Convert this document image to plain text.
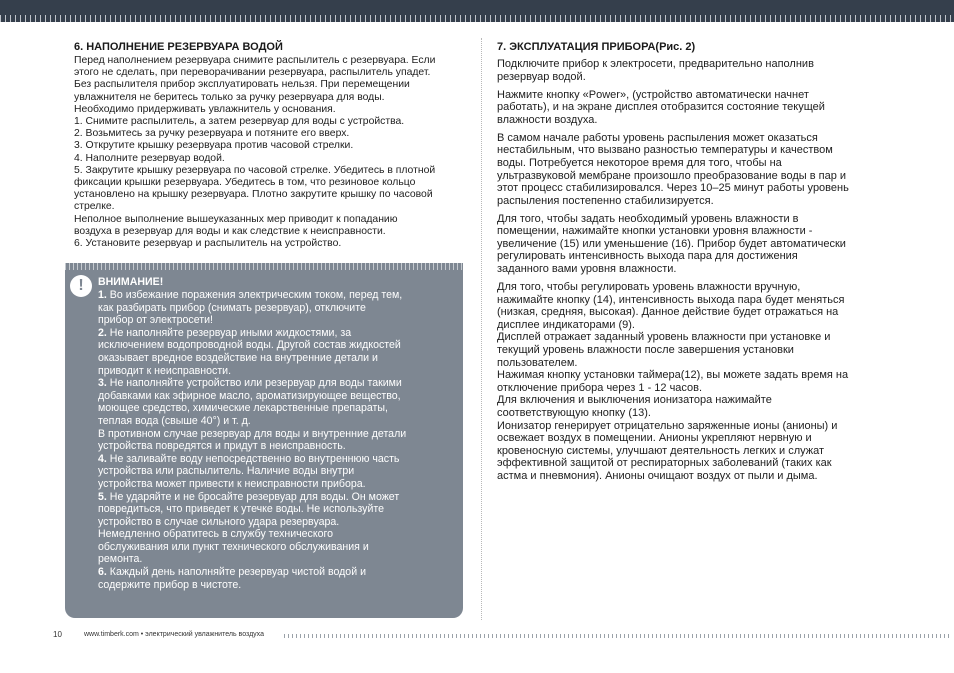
6. НАПОЛНЕНИЕ РЕЗЕРВУАРА ВОДОЙ
Перед наполнением резервуара снимите распылитель с резервуара. Если
этого не сделать, при переворачивании резервуара, распылитель упадет.
Без распылителя прибор эксплуатировать нельзя. При перемещении
увлажнителя не беритесь только за ручку резервуара для воды.
Необходимо придерживать увлажнитель у основания.
1. Снимите распылитель, а затем резервуар для воды с устройства.
2. Возьмитесь за ручку резервуара и потяните его вверх.
3. Открутите крышку резервуара против часовой стрелки.
4. Наполните резервуар водой.
5. Закрутите крышку резервуара по часовой стрелке. Убедитесь в плотной
фиксации крышки резервуара. Убедитесь в том, что резиновое кольцо
установлено на крышку резервуара. Плотно закрутите крышку по часовой
стрелке.
Неполное выполнение вышеуказанных мер приводит к попаданию
воздуха в резервуар для воды и как следствие к неисправности.
6. Установите резервуар и распылитель на устройство.
!	ВНИМАНИЕ!
1. Во избежание поражения электрическим током, перед тем,
как разбирать прибор (снимать резервуар), отключите
прибор от электросети!
2. Не наполняйте резервуар иными жидкостями, за
исключением водопроводной воды. Другой состав жидкостей
оказывает вредное воздействие на внутренние детали и
приводит к неисправности.
3. Не наполняйте устройство или резервуар для воды такими
добавками как эфирное масло, ароматизирующее вещество,
моющее средство, химические лекарственные препараты,
теплая вода (свыше 40°) и т. д.
В противном случае резервуар для воды и внутренние детали
устройства повредятся и придут в неисправность.
4. Не заливайте воду непосредственно во внутреннюю часть
устройства или распылитель. Наличие воды внутри
устройства может привести к неисправности прибора.
5. Не ударяйте и не бросайте резервуар для воды. Он может
повредиться, что приведет к утечке воды. Не используйте
устройство в случае сильного удара резервуара.
Немедленно обратитесь в службу технического
обслуживания или пункт технического обслуживания и
ремонта.
6. Каждый день наполняйте резервуар чистой водой и
содержите прибор в чистоте.
7. ЭКСПЛУАТАЦИЯ ПРИБОРА(Рис. 2)
Подключите прибор к электросети, предварительно наполнив
резервуар водой.
Нажмите кнопку «Power», (устройство автоматически начнет
работать), и на экране дисплея отобразится состояние текущей
влажности воздуха.
В самом начале работы уровень распыления может оказаться
нестабильным, что вызвано разностью температуры и качеством
воды. Потребуется некоторое время для того, чтобы на
ультразвуковой мембране произошло преобразование воды в пар и
этот процесс стабилизировался. Через 10–25 минут работы уровень
распыления постепенно стабилизируется.
Для того, чтобы задать необходимый уровень влажности в
помещении, нажимайте кнопки установки уровня влажности -
увеличение (15) или уменьшение (16). Прибор будет автоматически
регулировать интенсивность выхода пара для достижения
заданного вами уровня влажности.
Для того, чтобы регулировать уровень влажности вручную,
нажимайте кнопку (14), интенсивность выхода пара будет меняться
(низкая, средняя, высокая). Данное действие будет отражаться на
дисплее индикаторами (9).
Дисплей отражает заданный уровень влажности при установке и
текущий уровень влажности после завершения установки
пользователем.
Нажимая кнопку установки таймера(12), вы можете задать время на
отключение прибора через 1 - 12 часов.
Для включения и выключения ионизатора нажимайте
соответствующую кнопку (13).
Ионизатор генерирует отрицательно заряженные ионы (анионы) и
освежает воздух в помещении. Анионы укрепляют нервную и
кровеносную системы, улучшают деятельность легких и служат
эффективной защитой от респираторных заболеваний (таких как
астма и пневмония). Анионы очищают воздух от пыли и дыма.
10	www.timberk.com • электрический увлажнитель воздуха
